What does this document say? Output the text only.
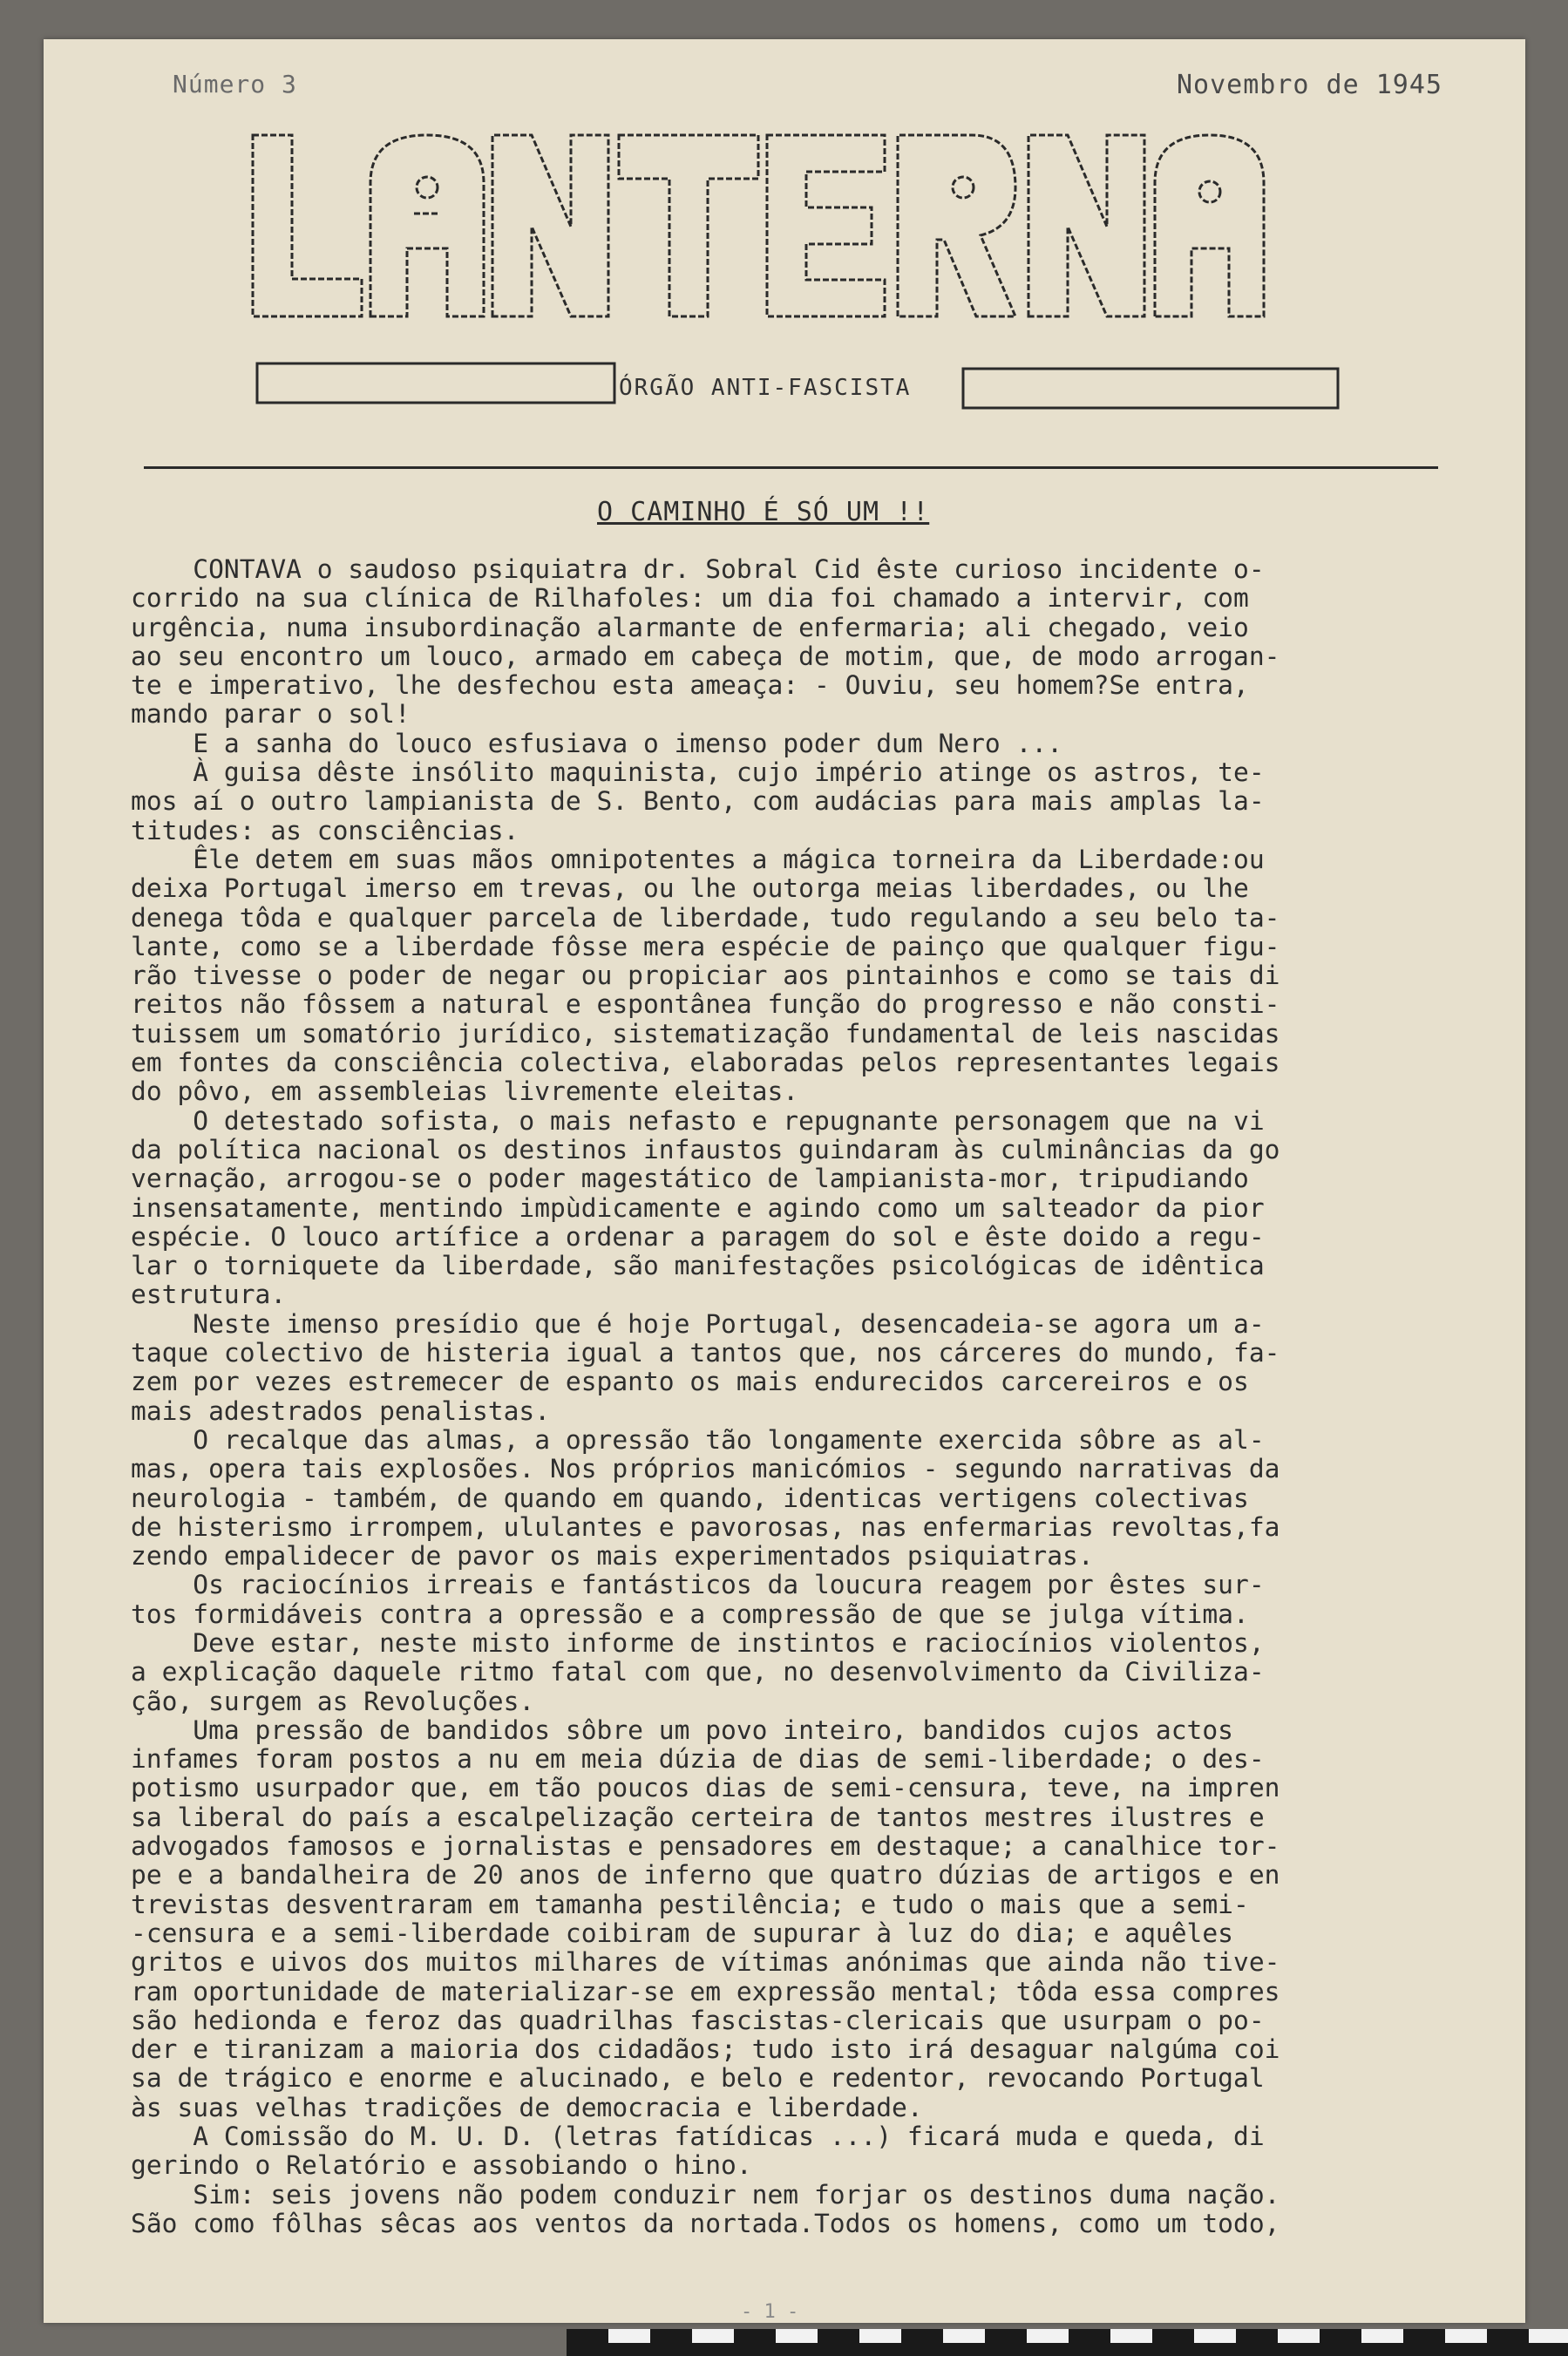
Número 3	Novembro de 1945
ÓRGÃO ANTI-FASCISTA
O CAMINHO É SÓ UM !!
CONTAVA o saudoso psiquiatra dr. Sobral Cid êste curioso incidente o-
corrido na sua clínica de Rilhafoles: um dia foi chamado a intervir, com
urgência, numa insubordinação alarmante de enfermaria; ali chegado, veio
ao seu encontro um louco, armado em cabeça de motim, que, de modo arrogan-
te e imperativo, lhe desfechou esta ameaça: - Ouviu, seu homem?Se entra,
mando parar o sol!
E a sanha do louco esfusiava o imenso poder dum Nero ...
À guisa dêste insólito maquinista, cujo império atinge os astros, te-
mos aí o outro lampianista de S. Bento, com audácias para mais amplas la-
titudes: as consciências.
Êle detem em suas mãos omnipotentes a mágica torneira da Liberdade:ou
deixa Portugal imerso em trevas, ou lhe outorga meias liberdades, ou lhe
denega tôda e qualquer parcela de liberdade, tudo regulando a seu belo ta-
lante, como se a liberdade fôsse mera espécie de painço que qualquer figu-
rão tivesse o poder de negar ou propiciar aos pintainhos e como se tais di
reitos não fôssem a natural e espontânea função do progresso e não consti-
tuissem um somatório jurídico, sistematização fundamental de leis nascidas
em fontes da consciência colectiva, elaboradas pelos representantes legais
do pôvo, em assembleias livremente eleitas.
O detestado sofista, o mais nefasto e repugnante personagem que na vi
da política nacional os destinos infaustos guindaram às culminâncias da go
vernação, arrogou-se o poder magestático de lampianista-mor, tripudiando
insensatamente, mentindo impùdicamente e agindo como um salteador da pior
espécie. O louco artífice a ordenar a paragem do sol e êste doido a regu-
lar o torniquete da liberdade, são manifestações psicológicas de idêntica
estrutura.
Neste imenso presídio que é hoje Portugal, desencadeia-se agora um a-
taque colectivo de histeria igual a tantos que, nos cárceres do mundo, fa-
zem por vezes estremecer de espanto os mais endurecidos carcereiros e os
mais adestrados penalistas.
O recalque das almas, a opressão tão longamente exercida sôbre as al-
mas, opera tais explosões. Nos próprios manicómios - segundo narrativas da
neurologia - também, de quando em quando, identicas vertigens colectivas
de histerismo irrompem, ululantes e pavorosas, nas enfermarias revoltas,fa
zendo empalidecer de pavor os mais experimentados psiquiatras.
Os raciocínios irreais e fantásticos da loucura reagem por êstes sur-
tos formidáveis contra a opressão e a compressão de que se julga vítima.
Deve estar, neste misto informe de instintos e raciocínios violentos,
a explicação daquele ritmo fatal com que, no desenvolvimento da Civiliza-
ção, surgem as Revoluções.
Uma pressão de bandidos sôbre um povo inteiro, bandidos cujos actos
infames foram postos a nu em meia dúzia de dias de semi-liberdade; o des-
potismo usurpador que, em tão poucos dias de semi-censura, teve, na impren
sa liberal do país a escalpelização certeira de tantos mestres ilustres e
advogados famosos e jornalistas e pensadores em destaque; a canalhice tor-
pe e a bandalheira de 20 anos de inferno que quatro dúzias de artigos e en
trevistas desventraram em tamanha pestilência; e tudo o mais que a semi-
-censura e a semi-liberdade coibiram de supurar à luz do dia; e aquêles
gritos e uivos dos muitos milhares de vítimas anónimas que ainda não tive-
ram oportunidade de materializar-se em expressão mental; tôda essa compres
são hedionda e feroz das quadrilhas fascistas-clericais que usurpam o po-
der e tiranizam a maioria dos cidadãos; tudo isto irá desaguar nalgúma coi
sa de trágico e enorme e alucinado, e belo e redentor, revocando Portugal
às suas velhas tradições de democracia e liberdade.
A Comissão do M. U. D. (letras fatídicas ...) ficará muda e queda, di
gerindo o Relatório e assobiando o hino.
Sim: seis jovens não podem conduzir nem forjar os destinos duma nação.
São como fôlhas sêcas aos ventos da nortada.Todos os homens, como um todo,
- 1 -
